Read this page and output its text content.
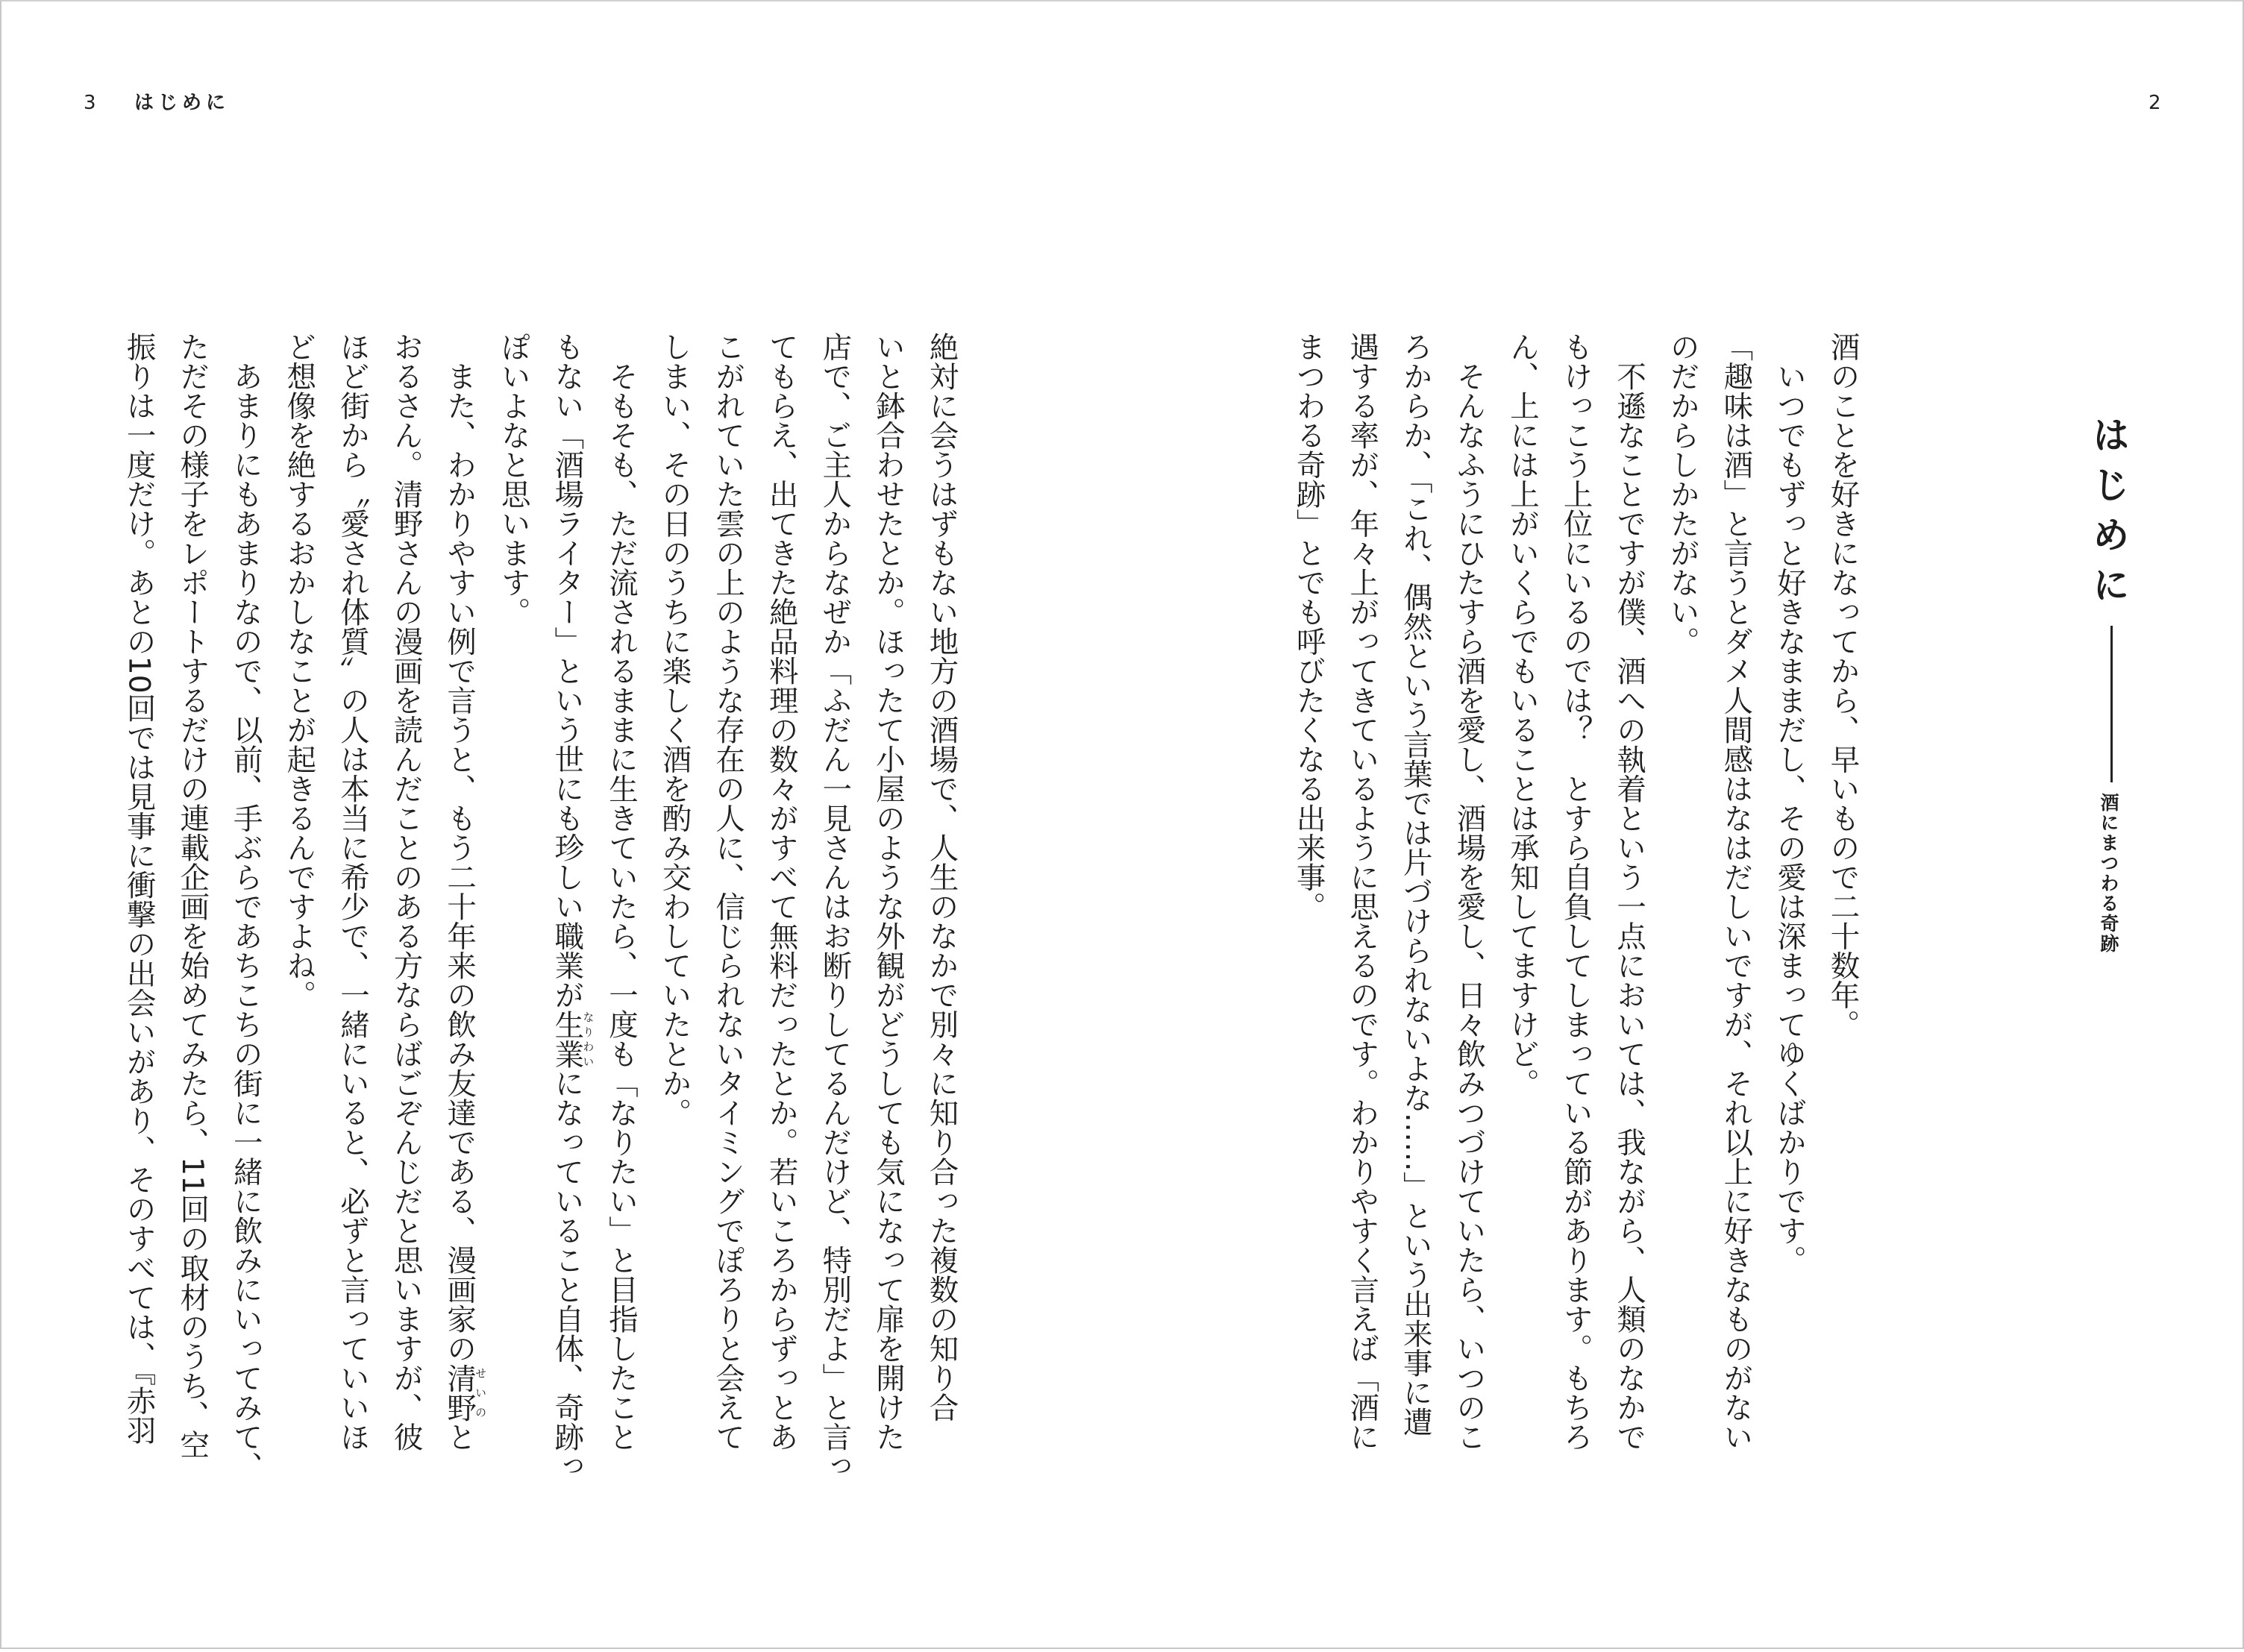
3 はじめに	2
はじめに酒にまつわる奇跡
酒のことを好きになってから、早いもので二十数年。
　いつでもずっと好きなままだし、その愛は深まってゆくばかりです。
「趣味は酒」と言うとダメ人間感はなはだしいですが、それ以上に好きなものがない
のだからしかたがない。
　不遜なことですが僕、酒への執着という一点においては、我ながら、人類のなかで
もけっこう上位にいるのでは？　とすら自負してしまっている節があります。もちろ
ん、上には上がいくらでもいることは承知してますけど。
　そんなふうにひたすら酒を愛し、酒場を愛し、日々飲みつづけていたら、いつのこ
ろからか、「これ、偶然という言葉では片づけられないよな……」という出来事に遭
遇する率が、年々上がってきているように思えるのです。わかりやすく言えば「酒に
まつわる奇跡」とでも呼びたくなる出来事。
絶対に会うはずもない地方の酒場で、人生のなかで別々に知り合った複数の知り合
いと鉢合わせたとか。ほったて小屋のような外観がどうしても気になって扉を開けた
店で、ご主人からなぜか「ふだん一見さんはお断りしてるんだけど、特別だよ」と言っ
てもらえ、出てきた絶品料理の数々がすべて無料だったとか。若いころからずっとあ
こがれていた雲の上のような存在の人に、信じられないタイミングでぽろりと会えて
しまい、その日のうちに楽しく酒を酌み交わしていたとか。
　そもそも、ただ流されるままに生きていたら、一度も「なりたい」と目指したこと
もない「酒場ライター」という世にも珍しい職業が生業なりわいになっていること自体、奇跡っ
ぽいよなと思います。
　また、わかりやすい例で言うと、もう二十年来の飲み友達である、漫画家の清野せいのと
おるさん。清野さんの漫画を読んだことのある方ならばごぞんじだと思いますが、彼
ほど街から〝愛され体質〟の人は本当に希少で、一緒にいると、必ずと言っていいほ
ど想像を絶するおかしなことが起きるんですよね。
　あまりにもあまりなので、以前、手ぶらであちこちの街に一緒に飲みにいってみて、
ただその様子をレポートするだけの連載企画を始めてみたら、11回の取材のうち、空
振りは一度だけ。あとの10回では見事に衝撃の出会いがあり、そのすべては、『赤羽
